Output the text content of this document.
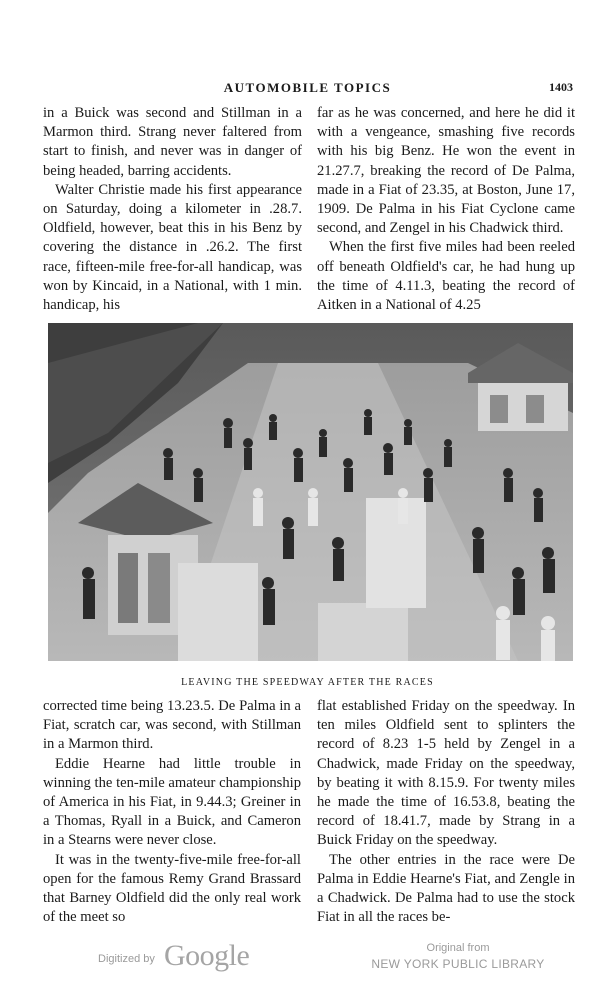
AUTOMOBILE TOPICS	1403

in a Buick was second and Stillman in a Marmon third. Strang never faltered from start to finish, and never was in danger of being headed, barring accidents.

Walter Christie made his first appearance on Saturday, doing a kilometer in .28.7. Oldfield, however, beat this in his Benz by covering the distance in .26.2. The first race, fifteen-mile free-for-all handicap, was won by Kincaid, in a National, with 1 min. handicap, his

far as he was concerned, and here he did it with a vengeance, smashing five records with his big Benz. He won the event in 21.27.7, breaking the record of De Palma, made in a Fiat of 23.35, at Boston, June 17, 1909. De Palma in his Fiat Cyclone came second, and Zengel in his Chadwick third.

When the first five miles had been reeled off beneath Oldfield's car, he had hung up the time of 4.11.3, beating the record of Aitken in a National of 4.25

LEAVING THE SPEEDWAY AFTER THE RACES

corrected time being 13.23.5. De Palma in a Fiat, scratch car, was second, with Stillman in a Marmon third.

Eddie Hearne had little trouble in winning the ten-mile amateur championship of America in his Fiat, in 9.44.3; Greiner in a Thomas, Ryall in a Buick, and Cameron in a Stearns were never close.

It was in the twenty-five-mile free-for-all open for the famous Remy Grand Brassard that Barney Oldfield did the only real work of the meet so

flat established Friday on the speedway. In ten miles Oldfield sent to splinters the record of 8.23 1-5 held by Zengel in a Chadwick, made Friday on the speedway, by beating it with 8.15.9. For twenty miles he made the time of 16.53.8, beating the record of 18.41.7, made by Strang in a Buick Friday on the speedway.

The other entries in the race were De Palma in Eddie Hearne's Fiat, and Zengle in a Chadwick. De Palma had to use the stock Fiat in all the races be-

Digitized by Google	Original from
NEW YORK PUBLIC LIBRARY
